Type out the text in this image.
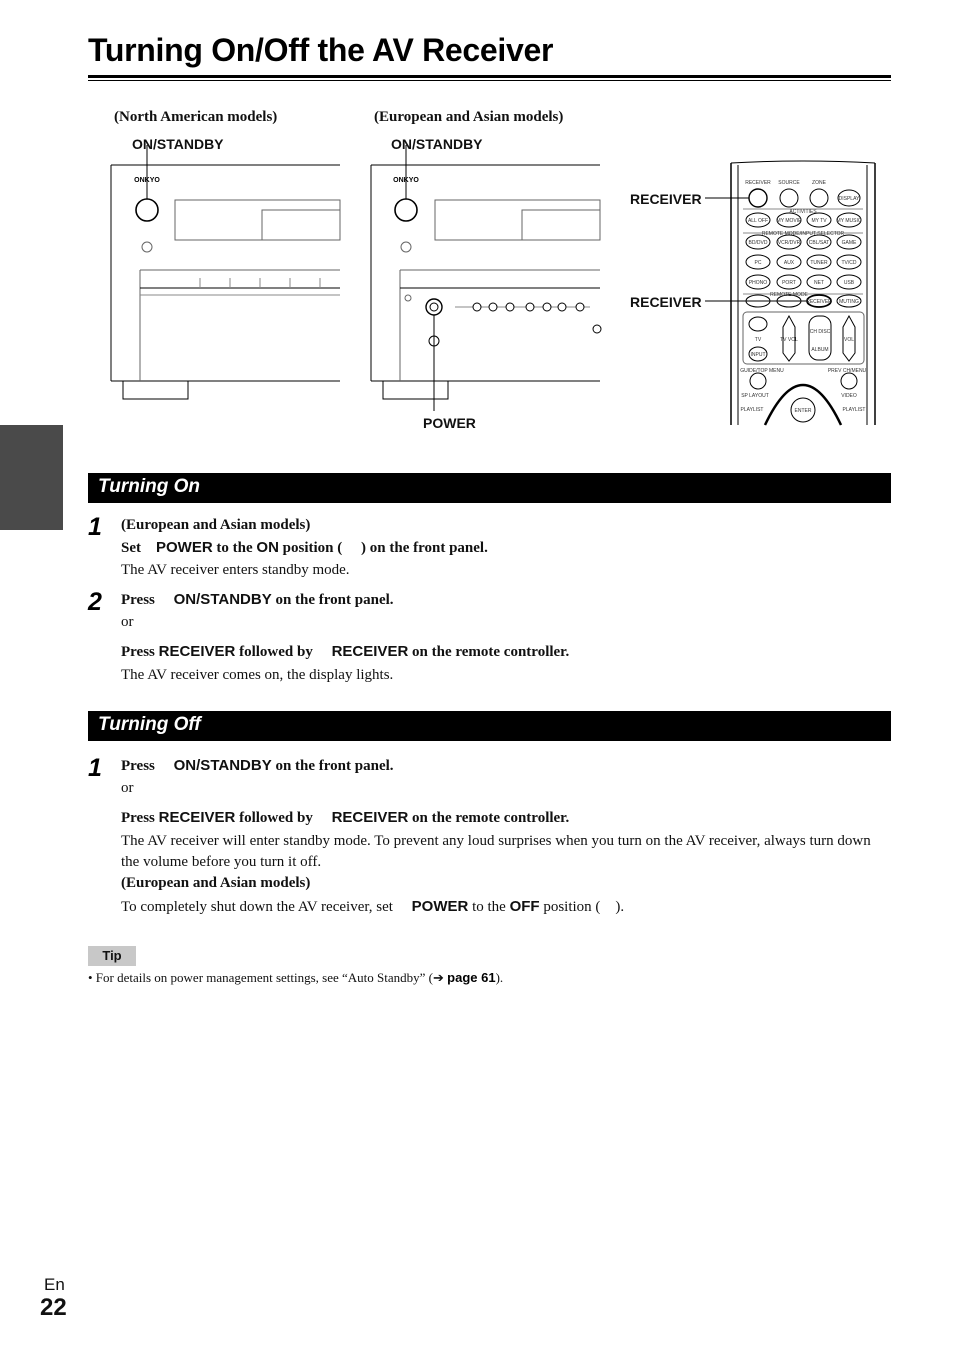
Turning On/Off the AV Receiver
(North American models)	(European and Asian models)
ON/STANDBY	ON/STANDBY
POWER
RECEIVER
RECEIVER
ONKYO	ONKYO	RECEIVER SOURCE ZONE
DISPLAY
ACTIVITIES
ALL OFF MY MOVIE MY TV MY MUSIC
REMOTE MODE/INPUT SELECTOR
BD/DVD VCR/DVR CBL/SAT GAME
PC	AUX	TUNER	TV/CD
PHONO	PORT	NET	USB
REMOTE MODE
RECEIVER MUTING
TV	TV VOL
CH DISC
ALBUM
VOL
INPUT
GUIDE/TOP MENU	PREV CH/MENU
SP LAYOUT	VIDEO
PLAYLIST	PLAYLIST
ENTER
Turning On
1 (European and Asian models)
Set POWER to the ON position ( ) on the front panel.
The AV receiver enters standby mode.
2 Press ON/STANDBY on the front panel.
or
Press RECEIVER followed by RECEIVER on the remote controller.
The AV receiver comes on, the display lights.
Turning Off
1 Press ON/STANDBY on the front panel.
or
Press RECEIVER followed by RECEIVER on the remote controller.
The AV receiver will enter standby mode. To prevent any loud surprises when you turn on the AV receiver, always turn down the volume before you turn it off.
(European and Asian models)
To completely shut down the AV receiver, set POWER to the OFF position ( ).
Tip
• For details on power management settings, see “Auto Standby” (➔ page 61).
En
22
